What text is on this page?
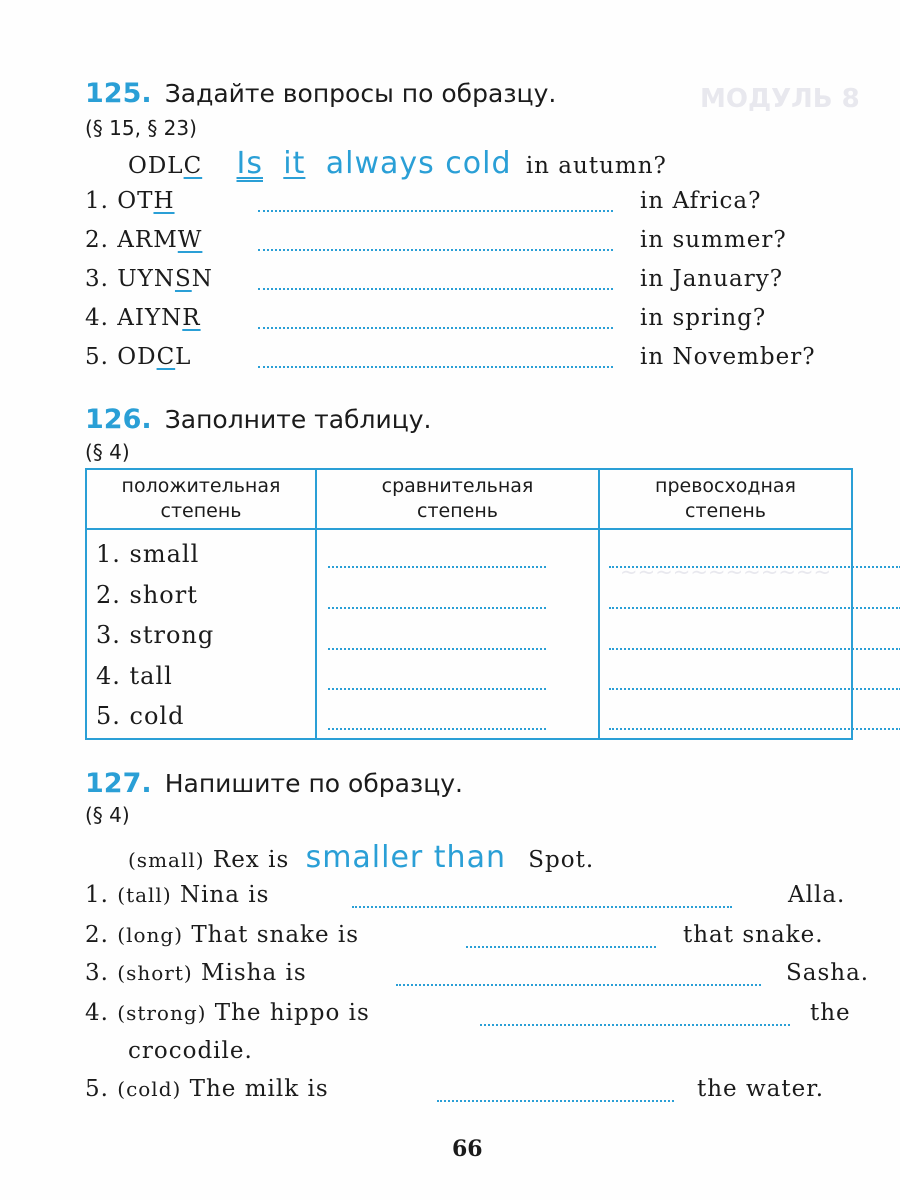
МОДУЛЬ 8
~~~~~~~~~~~~
125. Задайте вопросы по образцу.
(§ 15, § 23)
ODLC Is it always cold in autumn?
1. OTH	in Africa?
2. ARMW	in summer?
3. UYNSN	in January?
4. AIYNR	in spring?
5. ODCL	in November?
126. Заполните таблицу.
(§ 4)
положительная степень	сравнительная степень	превосходная степень

1. small
2. short
3. strong
4. tall
5. cold		

127. Напишите по образцу.
(§ 4)
(small) Rex is smaller than Spot.
1. (tall) Nina is	Alla.
2. (long) That snake is	that snake.
3. (short) Misha is	Sasha.
4. (strong) The hippo is	the
crocodile.
5. (cold) The milk is	the water.
66
